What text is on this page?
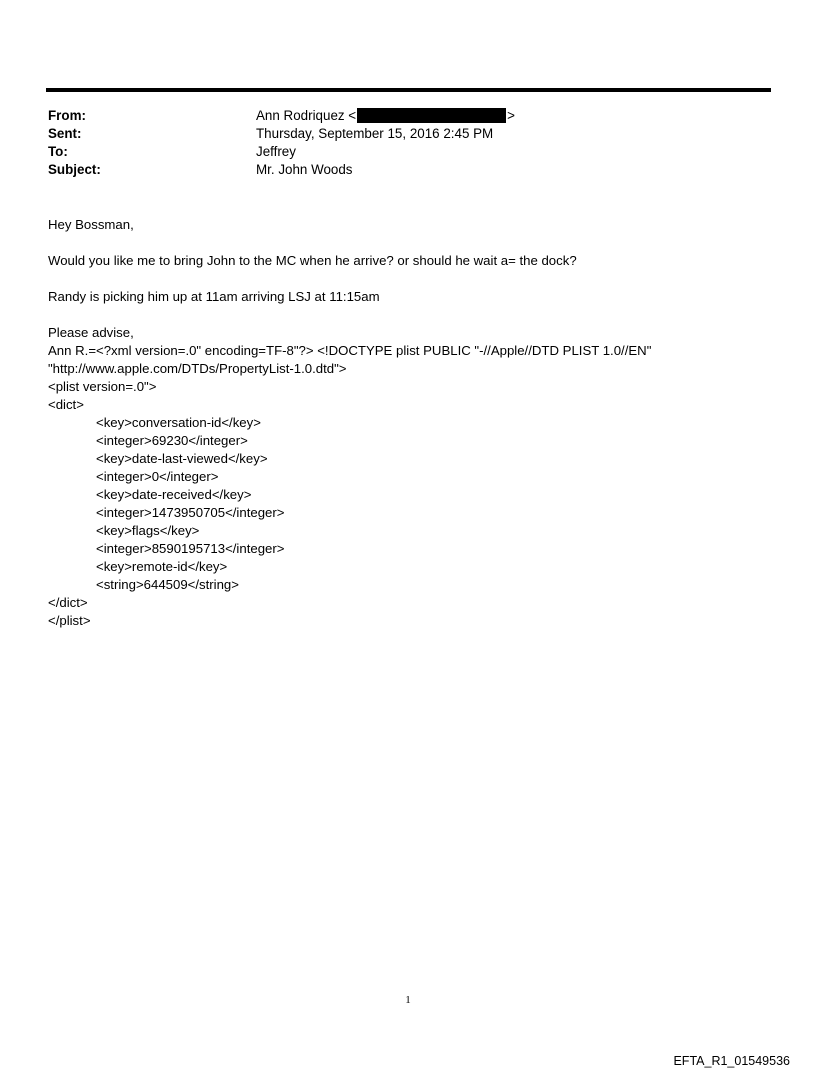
From:	Ann Rodriquez <	>
Sent:	Thursday, September 15, 2016 2:45 PM
To:	Jeffrey
Subject:	Mr. John Woods

Hey Bossman,

Would you like me to bring John to the MC when he arrive? or should he wait a= the dock?

Randy is picking him up at 11am arriving LSJ at 11:15am

Please advise,

Ann R.=<?xml version=.0" encoding=TF-8"?> <!DOCTYPE plist PUBLIC "-//Apple//DTD PLIST 1.0//EN"

"http://www.apple.com/DTDs/PropertyList-1.0.dtd">

<plist version=.0">

<dict>

<key>conversation-id</key>

<integer>69230</integer>

<key>date-last-viewed</key>

<integer>0</integer>

<key>date-received</key>

<integer>1473950705</integer>

<key>flags</key>

<integer>8590195713</integer>

<key>remote-id</key>

<string>644509</string>

</dict>

</plist>

1
EFTA_R1_01549536
